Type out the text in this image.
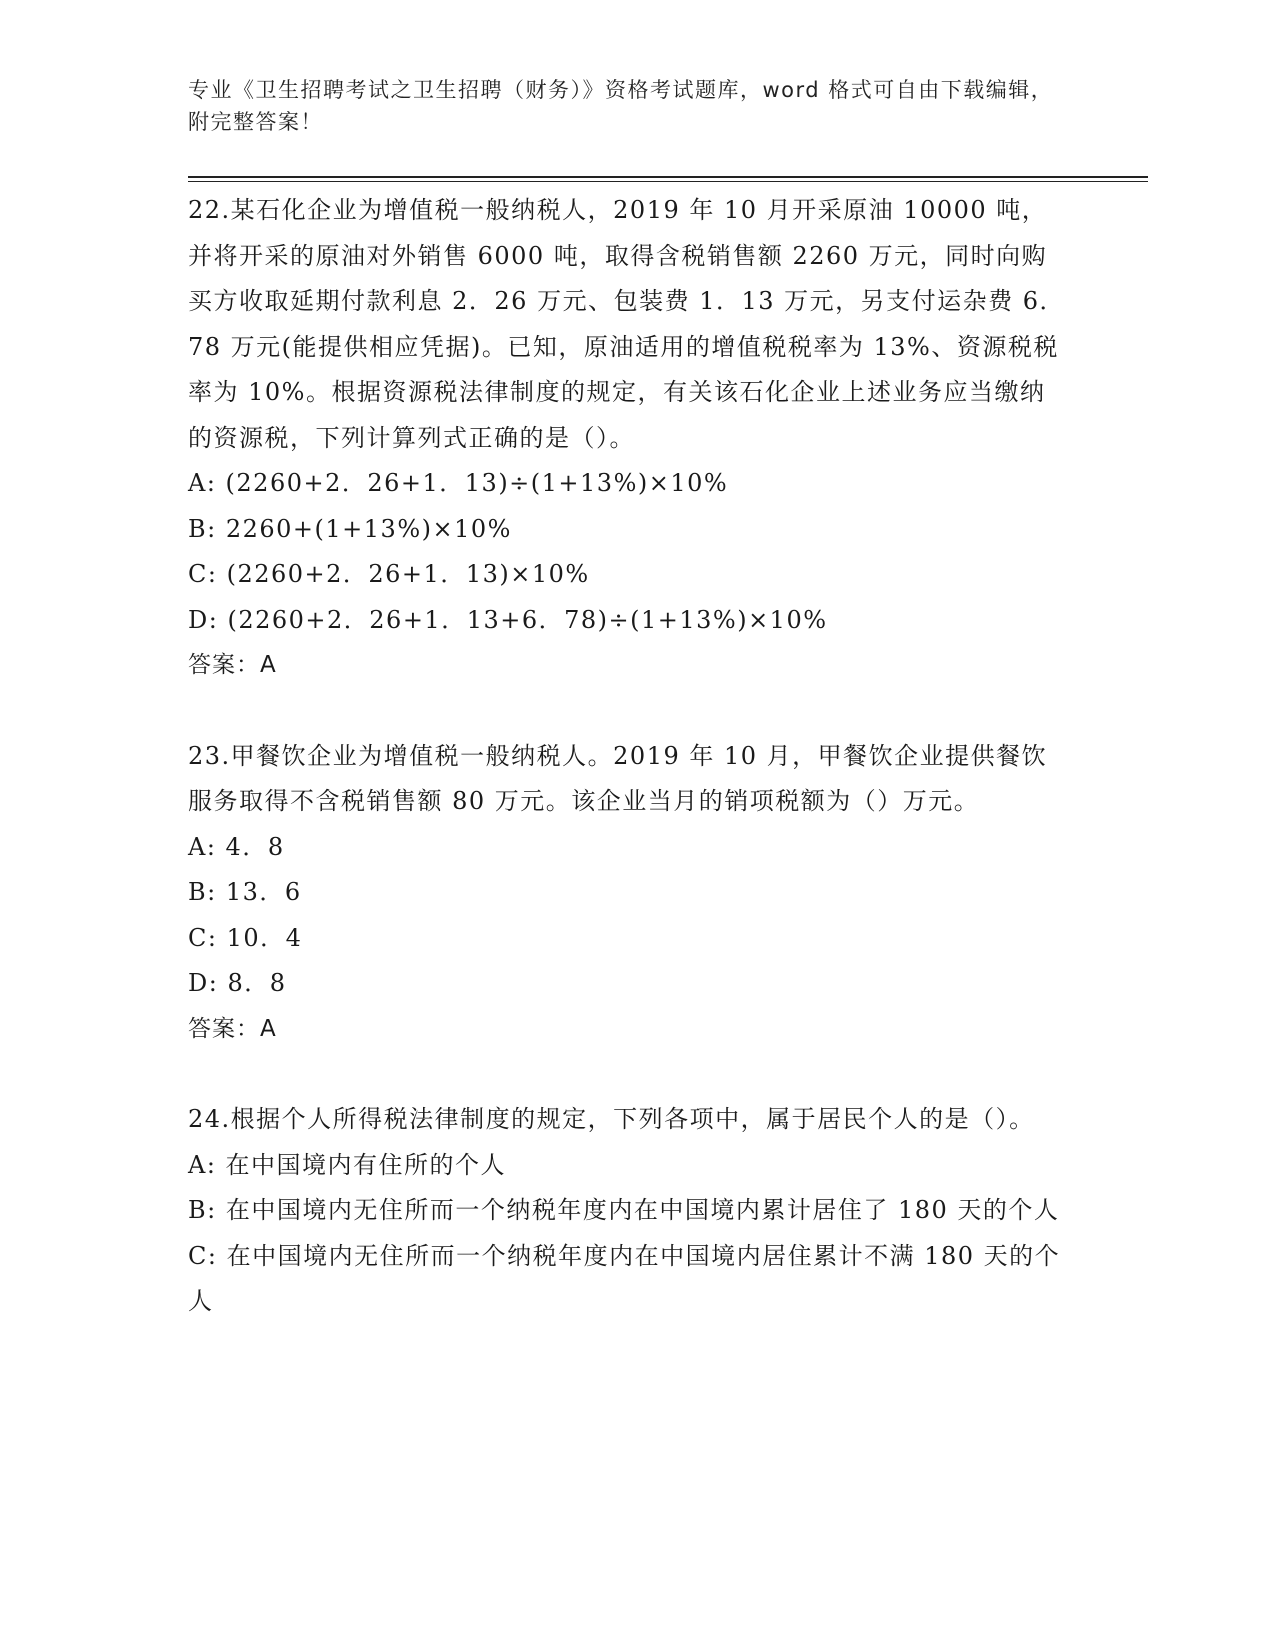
专业《卫生招聘考试之卫生招聘（财务）》资格考试题库，word 格式可自由下载编辑，附完整答案！

22.某石化企业为增值税一般纳税人，2019 年 10 月开采原油 10000 吨，并将开采的原油对外销售 6000 吨，取得含税销售额 2260 万元，同时向购买方收取延期付款利息 2．26 万元、包装费 1．13 万元，另支付运杂费 6．78 万元(能提供相应凭据)。已知，原油适用的增值税税率为 13%、资源税税率为 10%。根据资源税法律制度的规定，有关该石化企业上述业务应当缴纳的资源税，下列计算列式正确的是（）。

A: (2260+2．26+1．13)÷(1+13%)×10%

B: 2260+(1+13%)×10%

C: (2260+2．26+1．13)×10%

D: (2260+2．26+1．13+6．78)÷(1+13%)×10%

答案：A

23.甲餐饮企业为增值税一般纳税人。2019 年 10 月，甲餐饮企业提供餐饮服务取得不含税销售额 80 万元。该企业当月的销项税额为（）万元。

A: 4．8

B: 13．6

C: 10．4

D: 8．8

答案：A

24.根据个人所得税法律制度的规定，下列各项中，属于居民个人的是（）。

A: 在中国境内有住所的个人

B: 在中国境内无住所而一个纳税年度内在中国境内累计居住了 180 天的个人

C: 在中国境内无住所而一个纳税年度内在中国境内居住累计不满 180 天的个人
